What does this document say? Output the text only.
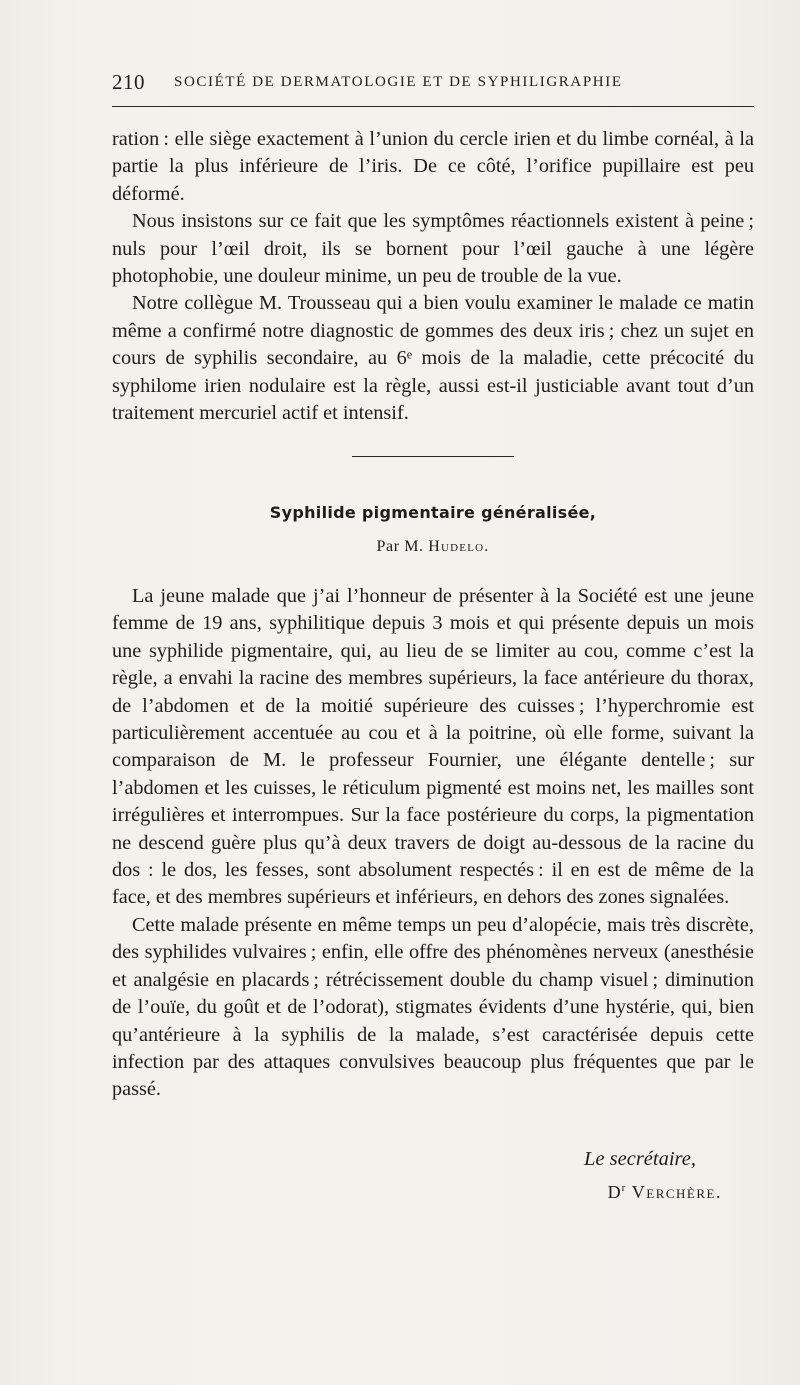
210 SOCIÉTÉ DE DERMATOLOGIE ET DE SYPHILIGRAPHIE

ration : elle siège exactement à l’union du cercle irien et du limbe cornéal, à la partie la plus inférieure de l’iris. De ce côté, l’orifice pupillaire est peu déformé.

Nous insistons sur ce fait que les symptômes réactionnels existent à peine ; nuls pour l’œil droit, ils se bornent pour l’œil gauche à une légère photophobie, une douleur minime, un peu de trouble de la vue.

Notre collègue M. Trousseau qui a bien voulu examiner le malade ce matin même a confirmé notre diagnostic de gommes des deux iris ; chez un sujet en cours de syphilis secondaire, au 6ᵉ mois de la maladie, cette précocité du syphilome irien nodulaire est la règle, aussi est-il justiciable avant tout d’un traitement mercuriel actif et intensif.

Syphilide pigmentaire généralisée,
Par M. Hudelo.

La jeune malade que j’ai l’honneur de présenter à la Société est une jeune femme de 19 ans, syphilitique depuis 3 mois et qui présente depuis un mois une syphilide pigmentaire, qui, au lieu de se limiter au cou, comme c’est la règle, a envahi la racine des membres supérieurs, la face antérieure du thorax, de l’abdomen et de la moitié supérieure des cuisses ; l’hyperchromie est particulièrement accentuée au cou et à la poitrine, où elle forme, suivant la comparaison de M. le professeur Fournier, une élégante dentelle ; sur l’abdomen et les cuisses, le réticulum pigmenté est moins net, les mailles sont irrégulières et interrompues. Sur la face postérieure du corps, la pigmentation ne descend guère plus qu’à deux travers de doigt au-dessous de la racine du dos : le dos, les fesses, sont absolument respectés : il en est de même de la face, et des membres supérieurs et inférieurs, en dehors des zones signalées.

Cette malade présente en même temps un peu d’alopécie, mais très discrète, des syphilides vulvaires ; enfin, elle offre des phénomènes nerveux (anesthésie et analgésie en placards ; rétrécissement double du champ visuel ; diminution de l’ouïe, du goût et de l’odorat), stigmates évidents d’une hystérie, qui, bien qu’antérieure à la syphilis de la malade, s’est caractérisée depuis cette infection par des attaques convulsives beaucoup plus fréquentes que par le passé.

Le secrétaire,
$D^r$ Verchère.
